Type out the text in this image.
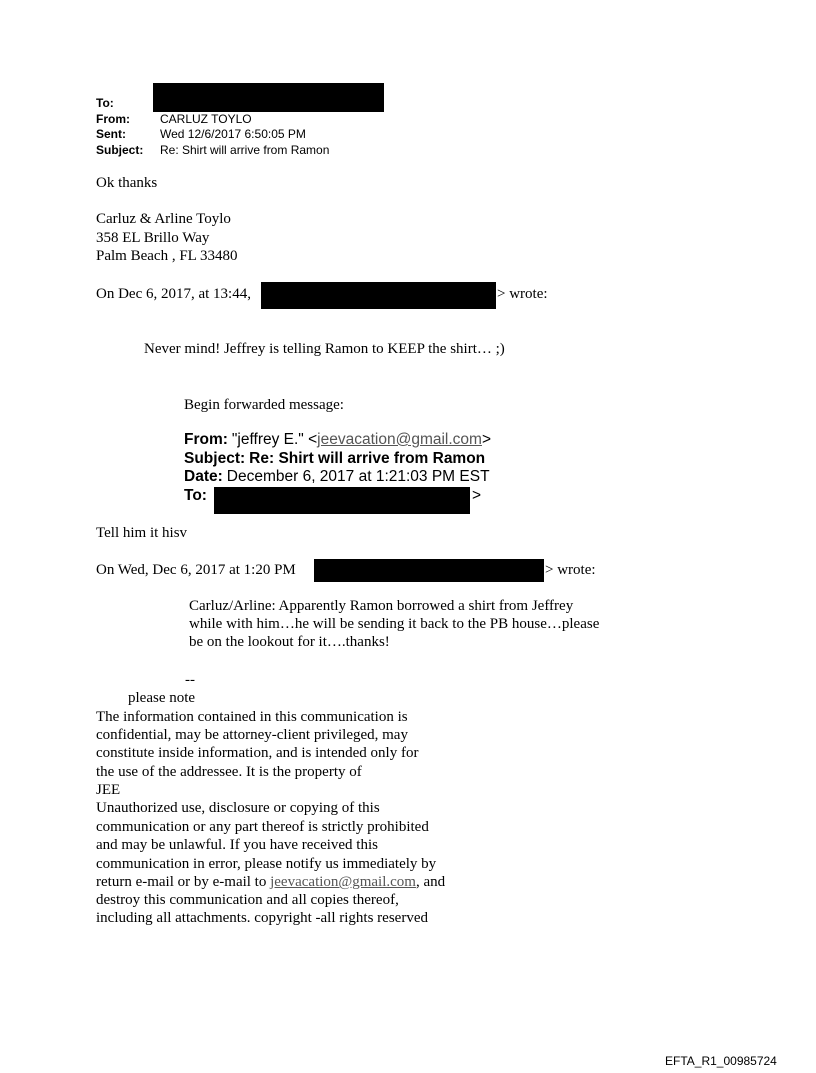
To:
From:	CARLUZ TOYLO
Sent:	Wed 12/6/2017 6:50:05 PM
Subject: Re: Shirt will arrive from Ramon
Ok thanks
Carluz & Arline Toylo
358 EL Brillo Way
Palm Beach , FL 33480
On Dec 6, 2017, at 13:44,	> wrote:
Never mind! Jeffrey is telling Ramon to KEEP the shirt… ;)
Begin forwarded message:
From: "jeffrey E." <jeevacation@gmail.com>
Subject: Re: Shirt will arrive from Ramon
Date: December 6, 2017 at 1:21:03 PM EST
To:	>
Tell him it hisv
On Wed, Dec 6, 2017 at 1:20 PM	> wrote:
Carluz/Arline: Apparently Ramon borrowed a shirt from Jeffrey
while with him…he will be sending it back to the PB house…please
be on the lookout for it….thanks!
--
please note
The information contained in this communication is
confidential, may be attorney-client privileged, may
constitute inside information, and is intended only for
the use of the addressee. It is the property of
JEE
Unauthorized use, disclosure or copying of this
communication or any part thereof is strictly prohibited
and may be unlawful. If you have received this
communication in error, please notify us immediately by
return e-mail or by e-mail to jeevacation@gmail.com, and
destroy this communication and all copies thereof,
including all attachments. copyright -all rights reserved
EFTA_R1_00985724
